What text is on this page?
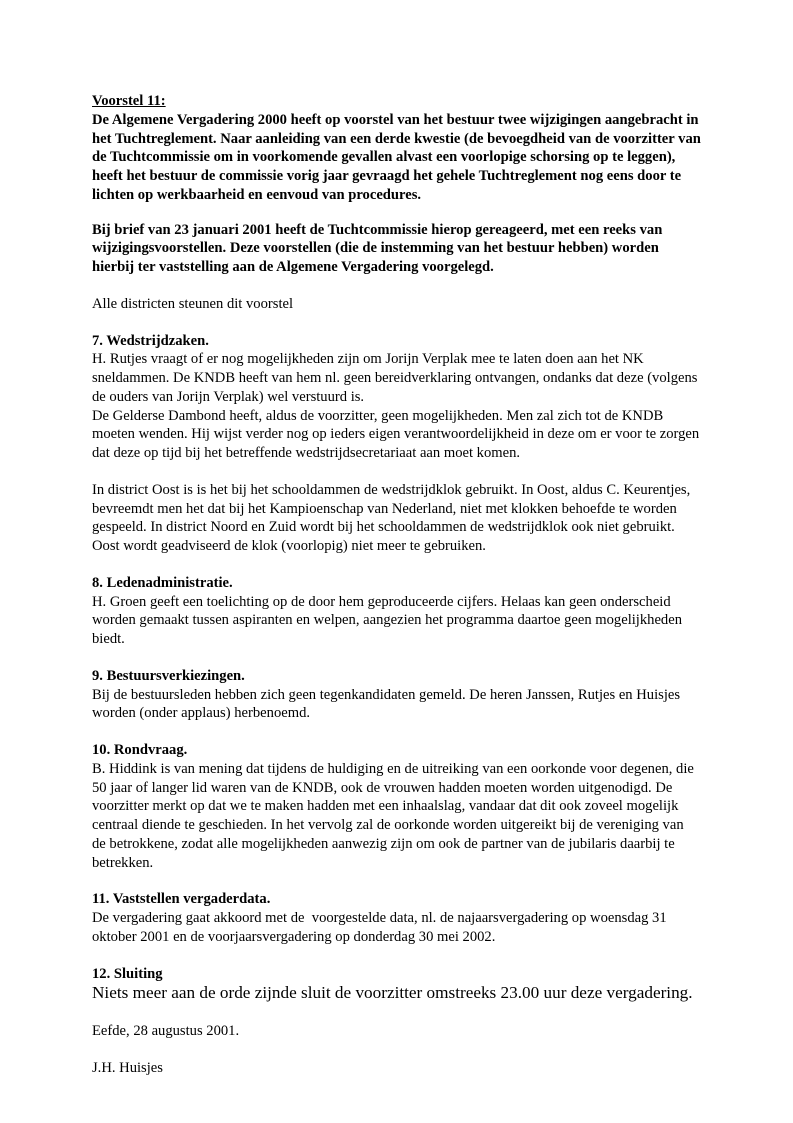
Voorstel 11:

De Algemene Vergadering 2000 heeft op voorstel van het bestuur twee wijzigingen aangebracht in het Tuchtreglement. Naar aanleiding van een derde kwestie (de bevoegdheid van de voorzitter van de Tuchtcommissie om in voorkomende gevallen alvast een voorlopige schorsing op te leggen), heeft het bestuur de commissie vorig jaar gevraagd het gehele Tuchtreglement nog eens door te lichten op werkbaarheid en eenvoud van procedures.

Bij brief van 23 januari 2001 heeft de Tuchtcommissie hierop gereageerd, met een reeks van wijzigingsvoorstellen. Deze voorstellen (die de instemming van het bestuur hebben) worden hierbij ter vaststelling aan de Algemene Vergadering voorgelegd.

Alle districten steunen dit voorstel

7. Wedstrijdzaken.

H. Rutjes vraagt of er nog mogelijkheden zijn om Jorijn Verplak mee te laten doen aan het NK sneldammen. De KNDB heeft van hem nl. geen bereidverklaring ontvangen, ondanks dat deze (volgens de ouders van Jorijn Verplak) wel verstuurd is.

De Gelderse Dambond heeft, aldus de voorzitter, geen mogelijkheden. Men zal zich tot de KNDB moeten wenden. Hij wijst verder nog op ieders eigen verantwoordelijkheid in deze om er voor te zorgen dat deze op tijd bij het betreffende wedstrijdsecretariaat aan moet komen.

In district Oost is is het bij het schooldammen de wedstrijdklok gebruikt. In Oost, aldus C. Keurentjes, bevreemdt men het dat bij het Kampioenschap van Nederland, niet met klokken behoefde te worden gespeeld. In district Noord en Zuid wordt bij het schooldammen de wedstrijdklok ook niet gebruikt. Oost wordt geadviseerd de klok (voorlopig) niet meer te gebruiken.

8. Ledenadministratie.

H. Groen geeft een toelichting op de door hem geproduceerde cijfers. Helaas kan geen onderscheid worden gemaakt tussen aspiranten en welpen, aangezien het programma daartoe geen mogelijkheden biedt.

9. Bestuursverkiezingen.

Bij de bestuursleden hebben zich geen tegenkandidaten gemeld. De heren Janssen, Rutjes en Huisjes worden (onder applaus) herbenoemd.

10. Rondvraag.

B. Hiddink is van mening dat tijdens de huldiging en de uitreiking van een oorkonde voor degenen, die 50 jaar of langer lid waren van de KNDB, ook de vrouwen hadden moeten worden uitgenodigd. De voorzitter merkt op dat we te maken hadden met een inhaalslag, vandaar dat dit ook zoveel mogelijk centraal diende te geschieden. In het vervolg zal de oorkonde worden uitgereikt bij de vereniging van de betrokkene, zodat alle mogelijkheden aanwezig zijn om ook de partner van de jubilaris daarbij te betrekken.

11. Vaststellen vergaderdata.

De vergadering gaat akkoord met de  voorgestelde data, nl. de najaarsvergadering op woensdag 31 oktober 2001 en de voorjaarsvergadering op donderdag 30 mei 2002.

12. Sluiting

Niets meer aan de orde zijnde sluit de voorzitter omstreeks 23.00 uur deze vergadering.

Eefde, 28 augustus 2001.

J.H. Huisjes
